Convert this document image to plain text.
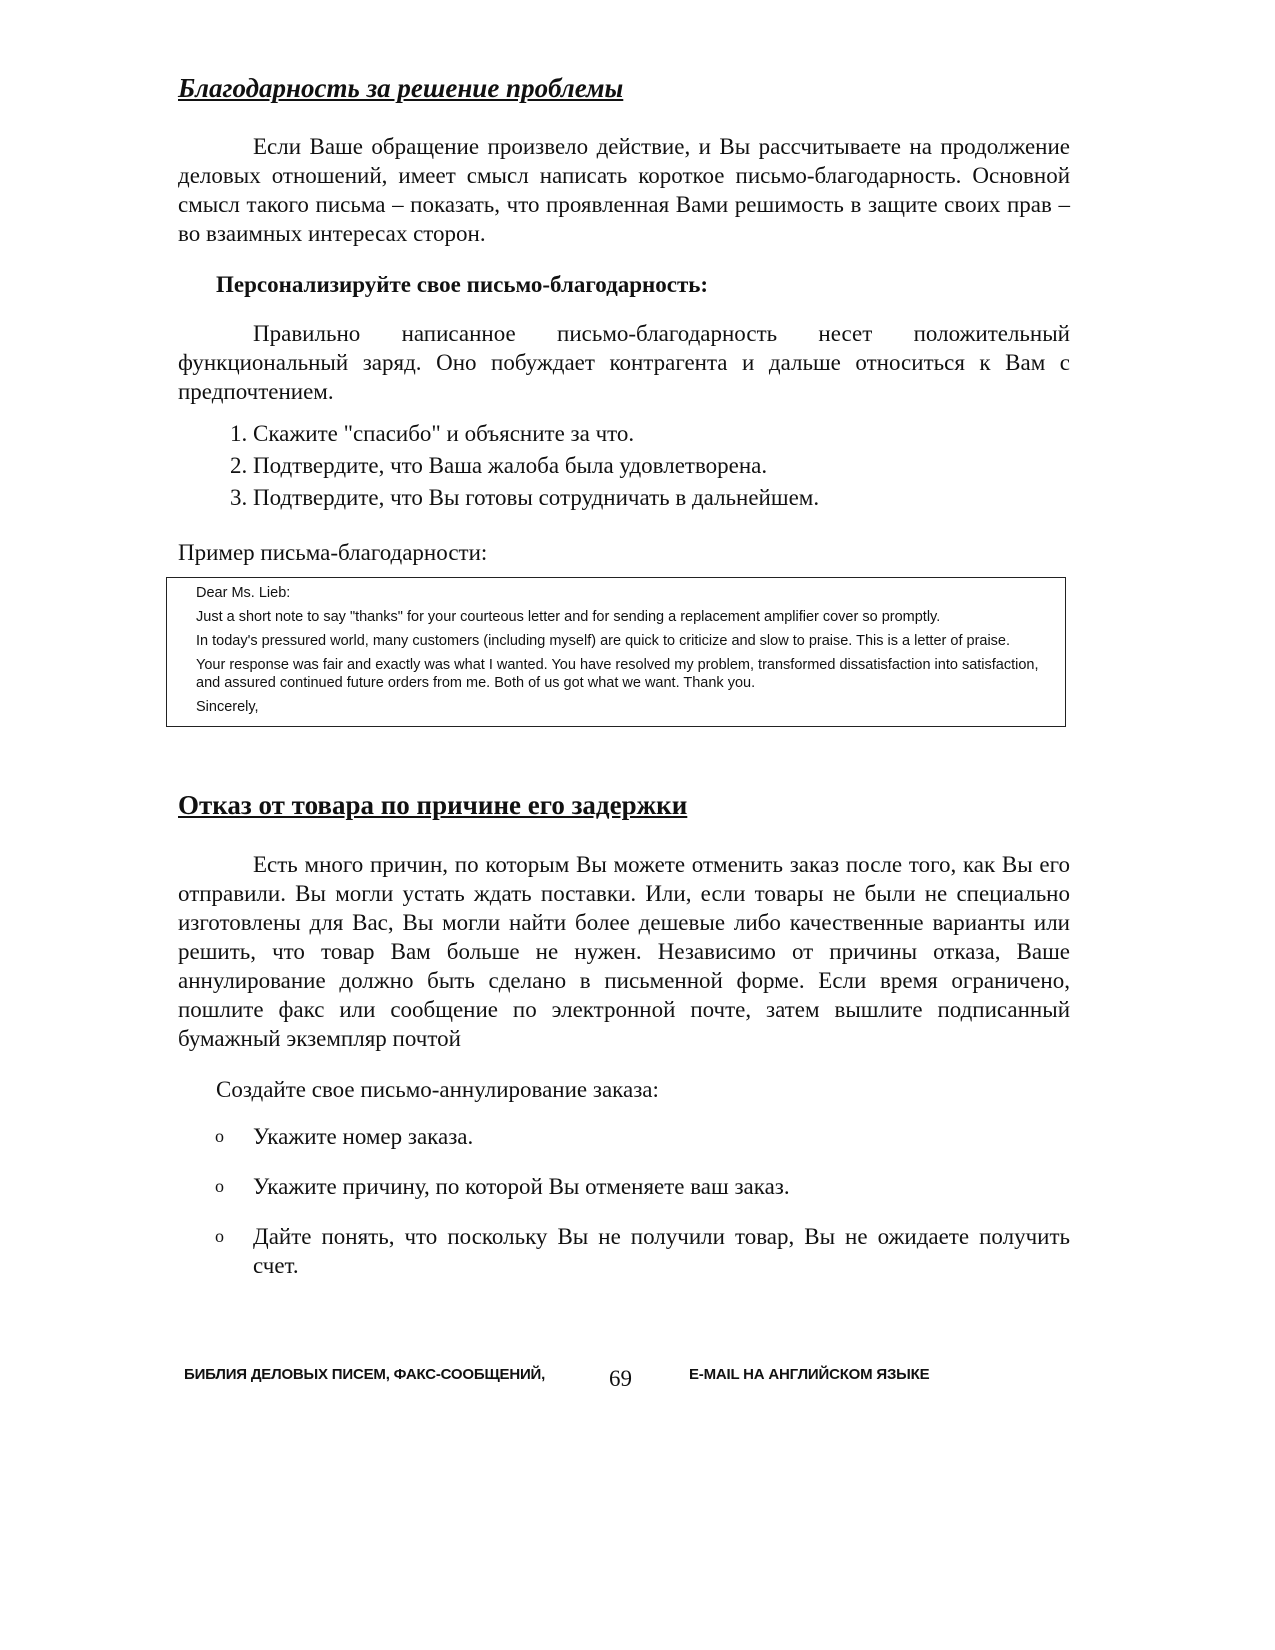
Благодарность за решение проблемы

Если Ваше обращение произвело действие, и Вы рассчитываете на продолжение деловых отношений, имеет смысл написать короткое письмо-благодарность. Основной смысл такого письма – показать, что проявленная Вами решимость в защите своих прав –во взаимных интересах сторон.

Персонализируйте свое письмо-благодарность:

Правильно написанное письмо-благодарность несет положительный функциональный заряд. Оно побуждает контрагента и дальше относиться к Вам с предпочтением.

1. Скажите "спасибо" и объясните за что.
2. Подтвердите, что Ваша жалоба была удовлетворена.
3. Подтвердите, что Вы готовы сотрудничать в дальнейшем.
Пример письма-благодарности:

Dear Ms. Lieb:

Just a short note to say "thanks" for your courteous letter and for sending a replacement amplifier cover so promptly.

In today's pressured world, many customers (including myself) are quick to criticize and slow to praise. This is a letter of praise.

Your response was fair and exactly was what I wanted. You have resolved my problem, transformed dissatisfaction into satisfaction, and assured continued future orders from me. Both of us got what we want. Thank you.

Sincerely,

Отказ от товара по причине его задержки

Есть много причин, по которым Вы можете отменить заказ после того, как Вы его отправили. Вы могли устать ждать поставки. Или, если товары не были не специально изготовлены для Вас, Вы могли найти более дешевые либо качественные варианты или решить, что товар Вам больше не нужен. Независимо от причины отказа, Ваше аннулирование должно быть сделано в письменной форме. Если время ограничено, пошлите факс или сообщение по электронной почте, затем вышлите подписанный бумажный экземпляр почтой

Создайте свое письмо-аннулирование заказа:

o Укажите номер заказа.
o Укажите причину, по которой Вы отменяете ваш заказ.
o Дайте понять, что поскольку Вы не получили товар, Вы не ожидаете получить счет.
БИБЛИЯ ДЕЛОВЫХ ПИСЕМ, ФАКС-СООБЩЕНИЙ,	69	E-MAIL НА АНГЛИЙСКОМ ЯЗЫКЕ
